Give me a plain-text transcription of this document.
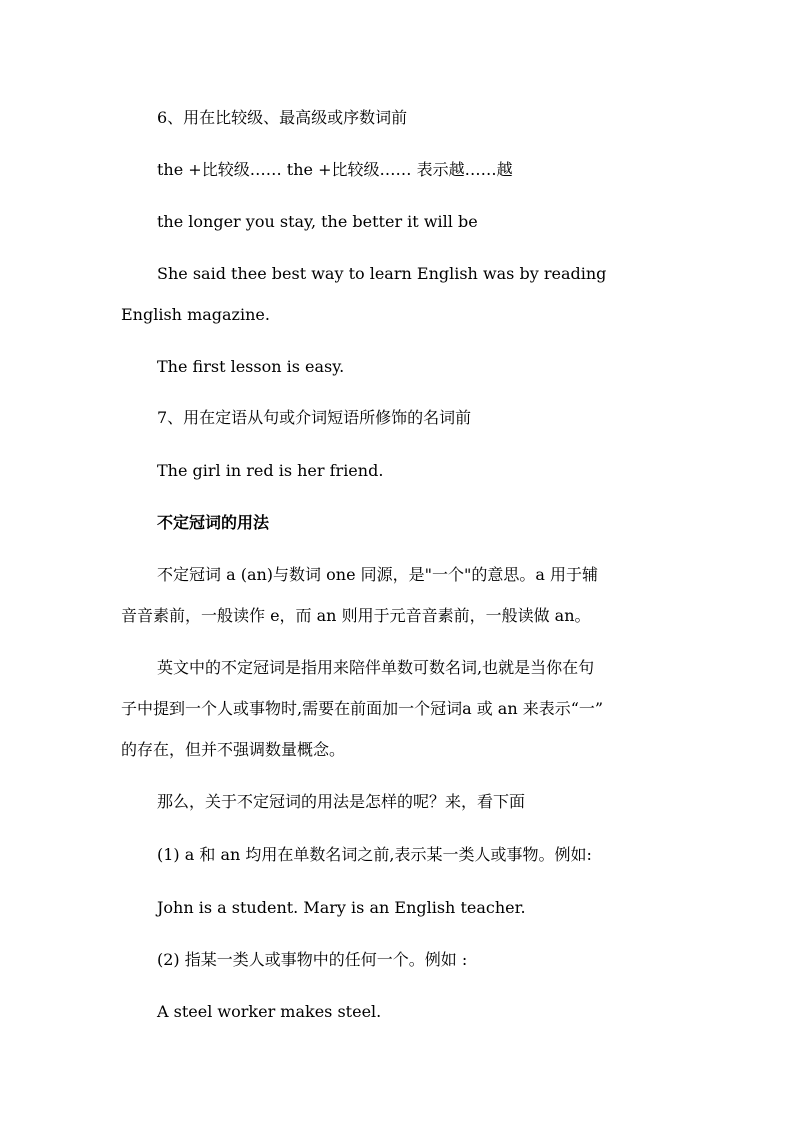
6、用在比较级、最高级或序数词前
the +比较级…… the +比较级…… 表示越……越
the longer you stay, the better it will be
She said thee best way to learn English was by reading
English magazine.
The first lesson is easy.
7、用在定语从句或介词短语所修饰的名词前
The girl in red is her friend.
不定冠词的用法
不定冠词 a (an)与数词 one 同源，是"一个"的意思。a 用于辅
音音素前，一般读作 e，而 an 则用于元音音素前，一般读做 an。
英文中的不定冠词是指用来陪伴单数可数名词,也就是当你在句
子中提到一个人或事物时,需要在前面加一个冠词a 或 an 来表示“一”
的存在，但并不强调数量概念。
那么，关于不定冠词的用法是怎样的呢？来，看下面
(1) a 和 an 均用在单数名词之前,表示某一类人或事物。例如:
John is a student. Mary is an English teacher.
(2) 指某一类人或事物中的任何一个。例如 :
A steel worker makes steel.
